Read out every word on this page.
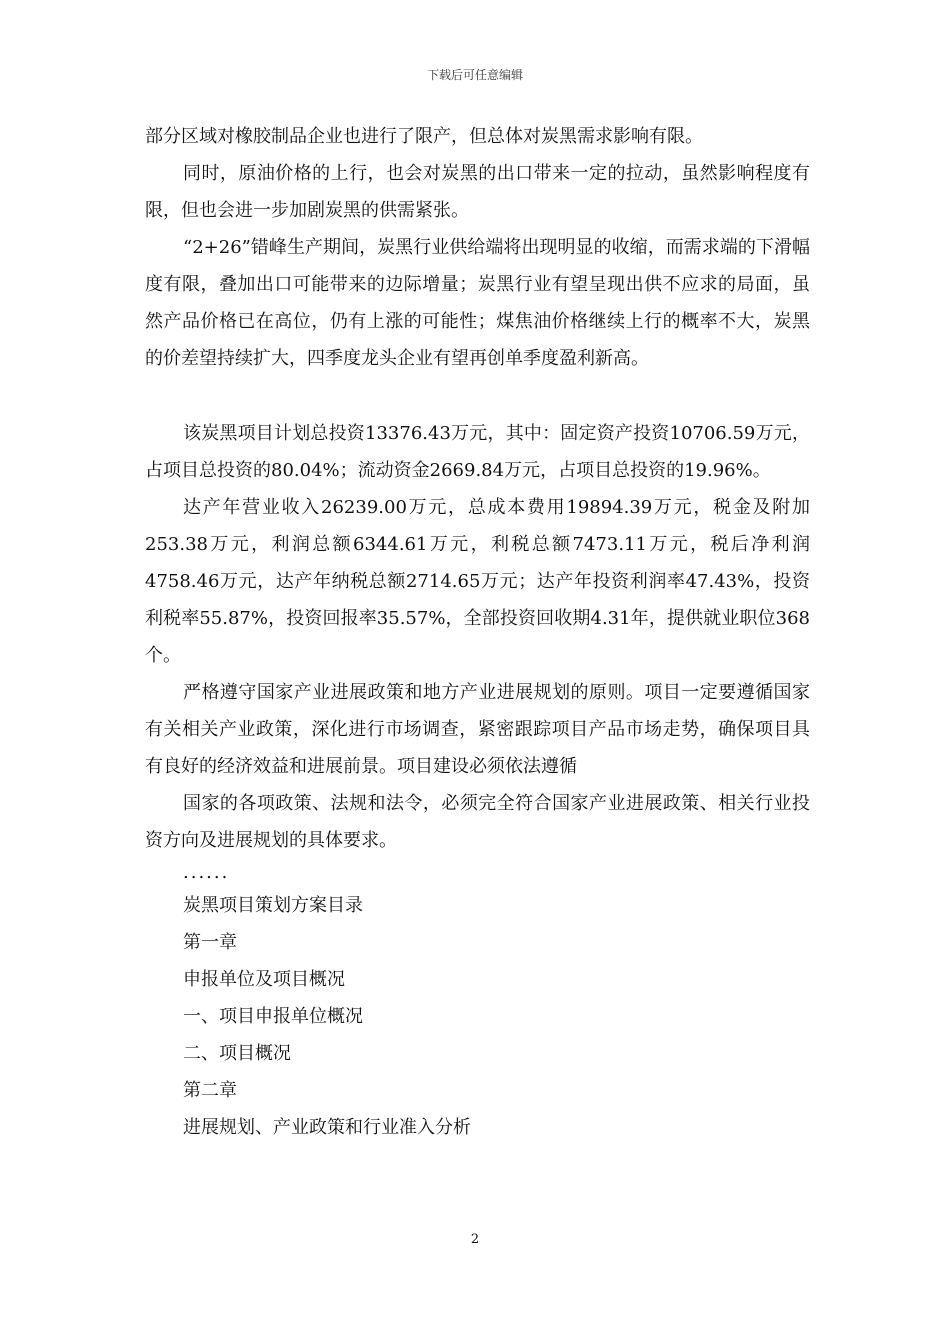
下载后可任意编辑

部分区域对橡胶制品企业也进行了限产，但总体对炭黑需求影响有限。

同时，原油价格的上行，也会对炭黑的出口带来一定的拉动，虽然影响程度有限，但也会进一步加剧炭黑的供需紧张。

“2+26”错峰生产期间，炭黑行业供给端将出现明显的收缩，而需求端的下滑幅度有限，叠加出口可能带来的边际增量；炭黑行业有望呈现出供不应求的局面，虽然产品价格已在高位，仍有上涨的可能性；煤焦油价格继续上行的概率不大，炭黑的价差望持续扩大，四季度龙头企业有望再创单季度盈利新高。

该炭黑项目计划总投资13376.43万元，其中：固定资产投资10706.59万元，占项目总投资的80.04%；流动资金2669.84万元，占项目总投资的19.96%。

达产年营业收入26239.00万元，总成本费用19894.39万元，税金及附加253.38万元，利润总额6344.61万元，利税总额7473.11万元，税后净利润4758.46万元，达产年纳税总额2714.65万元；达产年投资利润率47.43%，投资利税率55.87%，投资回报率35.57%，全部投资回收期4.31年，提供就业职位368个。

严格遵守国家产业进展政策和地方产业进展规划的原则。项目一定要遵循国家有关相关产业政策，深化进行市场调查，紧密跟踪项目产品市场走势，确保项目具有良好的经济效益和进展前景。项目建设必须依法遵循

国家的各项政策、法规和法令，必须完全符合国家产业进展政策、相关行业投资方向及进展规划的具体要求。

......

炭黑项目策划方案目录

第一章

申报单位及项目概况

一、项目申报单位概况

二、项目概况

第二章

进展规划、产业政策和行业准入分析

2
